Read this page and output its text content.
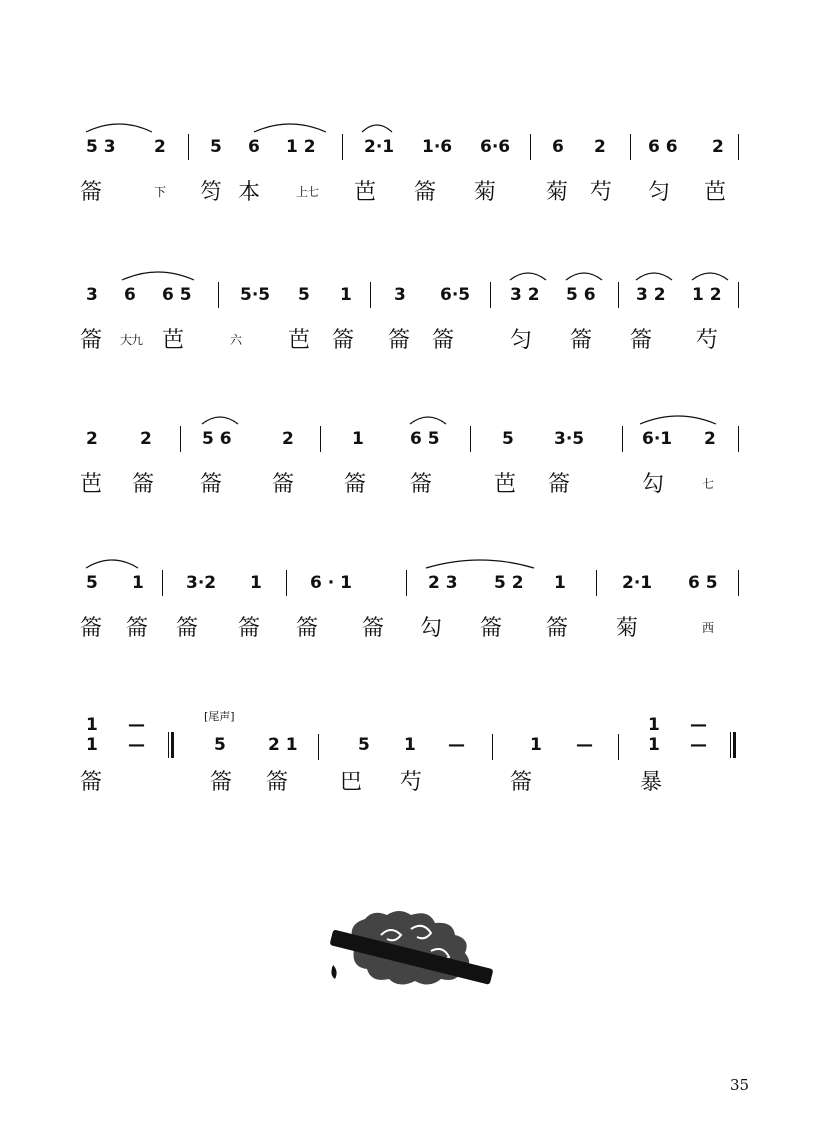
5 3 2	5 6 1 2	2·1 1·6 6·6 6 2 6 6 2
䈁	下 笉 本	上七 芭 䈁 菊 菊 芍 匀 芭
3 6 6 5	5·5 5 1 3 6·5 3 2 5 6 3 2 1 2
䈁 大九 芭	六 芭 䈁 䈁 䈁	匀 䈁 䈁 芍
2 2	5 6	2	1	6 5	5 3·5	6·1 2
芭 䈁 䈁 䈁 䈁 䈁	芭 䈁	勾	七
5 1 3·2 1	6 · 1	2 3 5 2 1	2·1 6 5
䈁 䈁 䈁 䈁 䈁 䈁 勾 䈁 䈁 菊	西
1 —
1 —
[尾声]
5 2 1	5 1 —	1 —
1 —
1 —
䈁	䈁 䈁 巴 芍	䈁	暴
35
